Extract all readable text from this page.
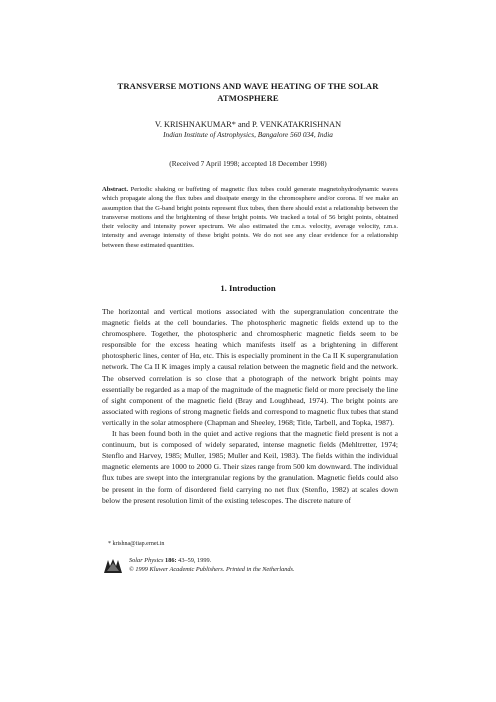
TRANSVERSE MOTIONS AND WAVE HEATING OF THE SOLAR
ATMOSPHERE
V. KRISHNAKUMAR* and P. VENKATAKRISHNAN
Indian Institute of Astrophysics, Bangalore 560 034, India
(Received 7 April 1998; accepted 18 December 1998)
Abstract. Periodic shaking or buffeting of magnetic flux tubes could generate magnetohydrodynamic waves which propagate along the flux tubes and dissipate energy in the chromosphere and/or corona. If we make an assumption that the G-band bright points represent flux tubes, then there should exist a relationship between the transverse motions and the brightening of these bright points. We tracked a total of 56 bright points, obtained their velocity and intensity power spectrum. We also estimated the r.m.s. velocity, average velocity, r.m.s. intensity and average intensity of these bright points. We do not see any clear evidence for a relationship between these estimated quantities.
1. Introduction

The horizontal and vertical motions associated with the supergranulation concentrate the magnetic fields at the cell boundaries. The photospheric magnetic fields extend up to the chromosphere. Together, the photospheric and chromospheric magnetic fields seem to be responsible for the excess heating which manifests itself as a brightening in different photospheric lines, center of Hα, etc. This is especially prominent in the Ca II K supergranulation network. The Ca II K images imply a causal relation between the magnetic field and the network. The observed correlation is so close that a photograph of the network bright points may essentially be regarded as a map of the magnitude of the magnetic field or more precisely the line of sight component of the magnetic field (Bray and Loughhead, 1974). The bright points are associated with regions of strong magnetic fields and correspond to magnetic flux tubes that stand vertically in the solar atmosphere (Chapman and Sheeley, 1968; Title, Tarbell, and Topka, 1987).

It has been found both in the quiet and active regions that the magnetic field present is not a continuum, but is composed of widely separated, intense magnetic fields (Mehltretter, 1974; Stenflo and Harvey, 1985; Muller, 1985; Muller and Keil, 1983). The fields within the individual magnetic elements are 1000 to 2000 G. Their sizes range from 500 km downward. The individual flux tubes are swept into the intergranular regions by the granulation. Magnetic fields could also be present in the form of disordered field carrying no net flux (Stenflo, 1982) at scales down below the present resolution limit of the existing telescopes. The discrete nature of

* krishna@iiap.ernet.in
Solar Physics 186: 43–59, 1999.
© 1999 Kluwer Academic Publishers. Printed in the Netherlands.
